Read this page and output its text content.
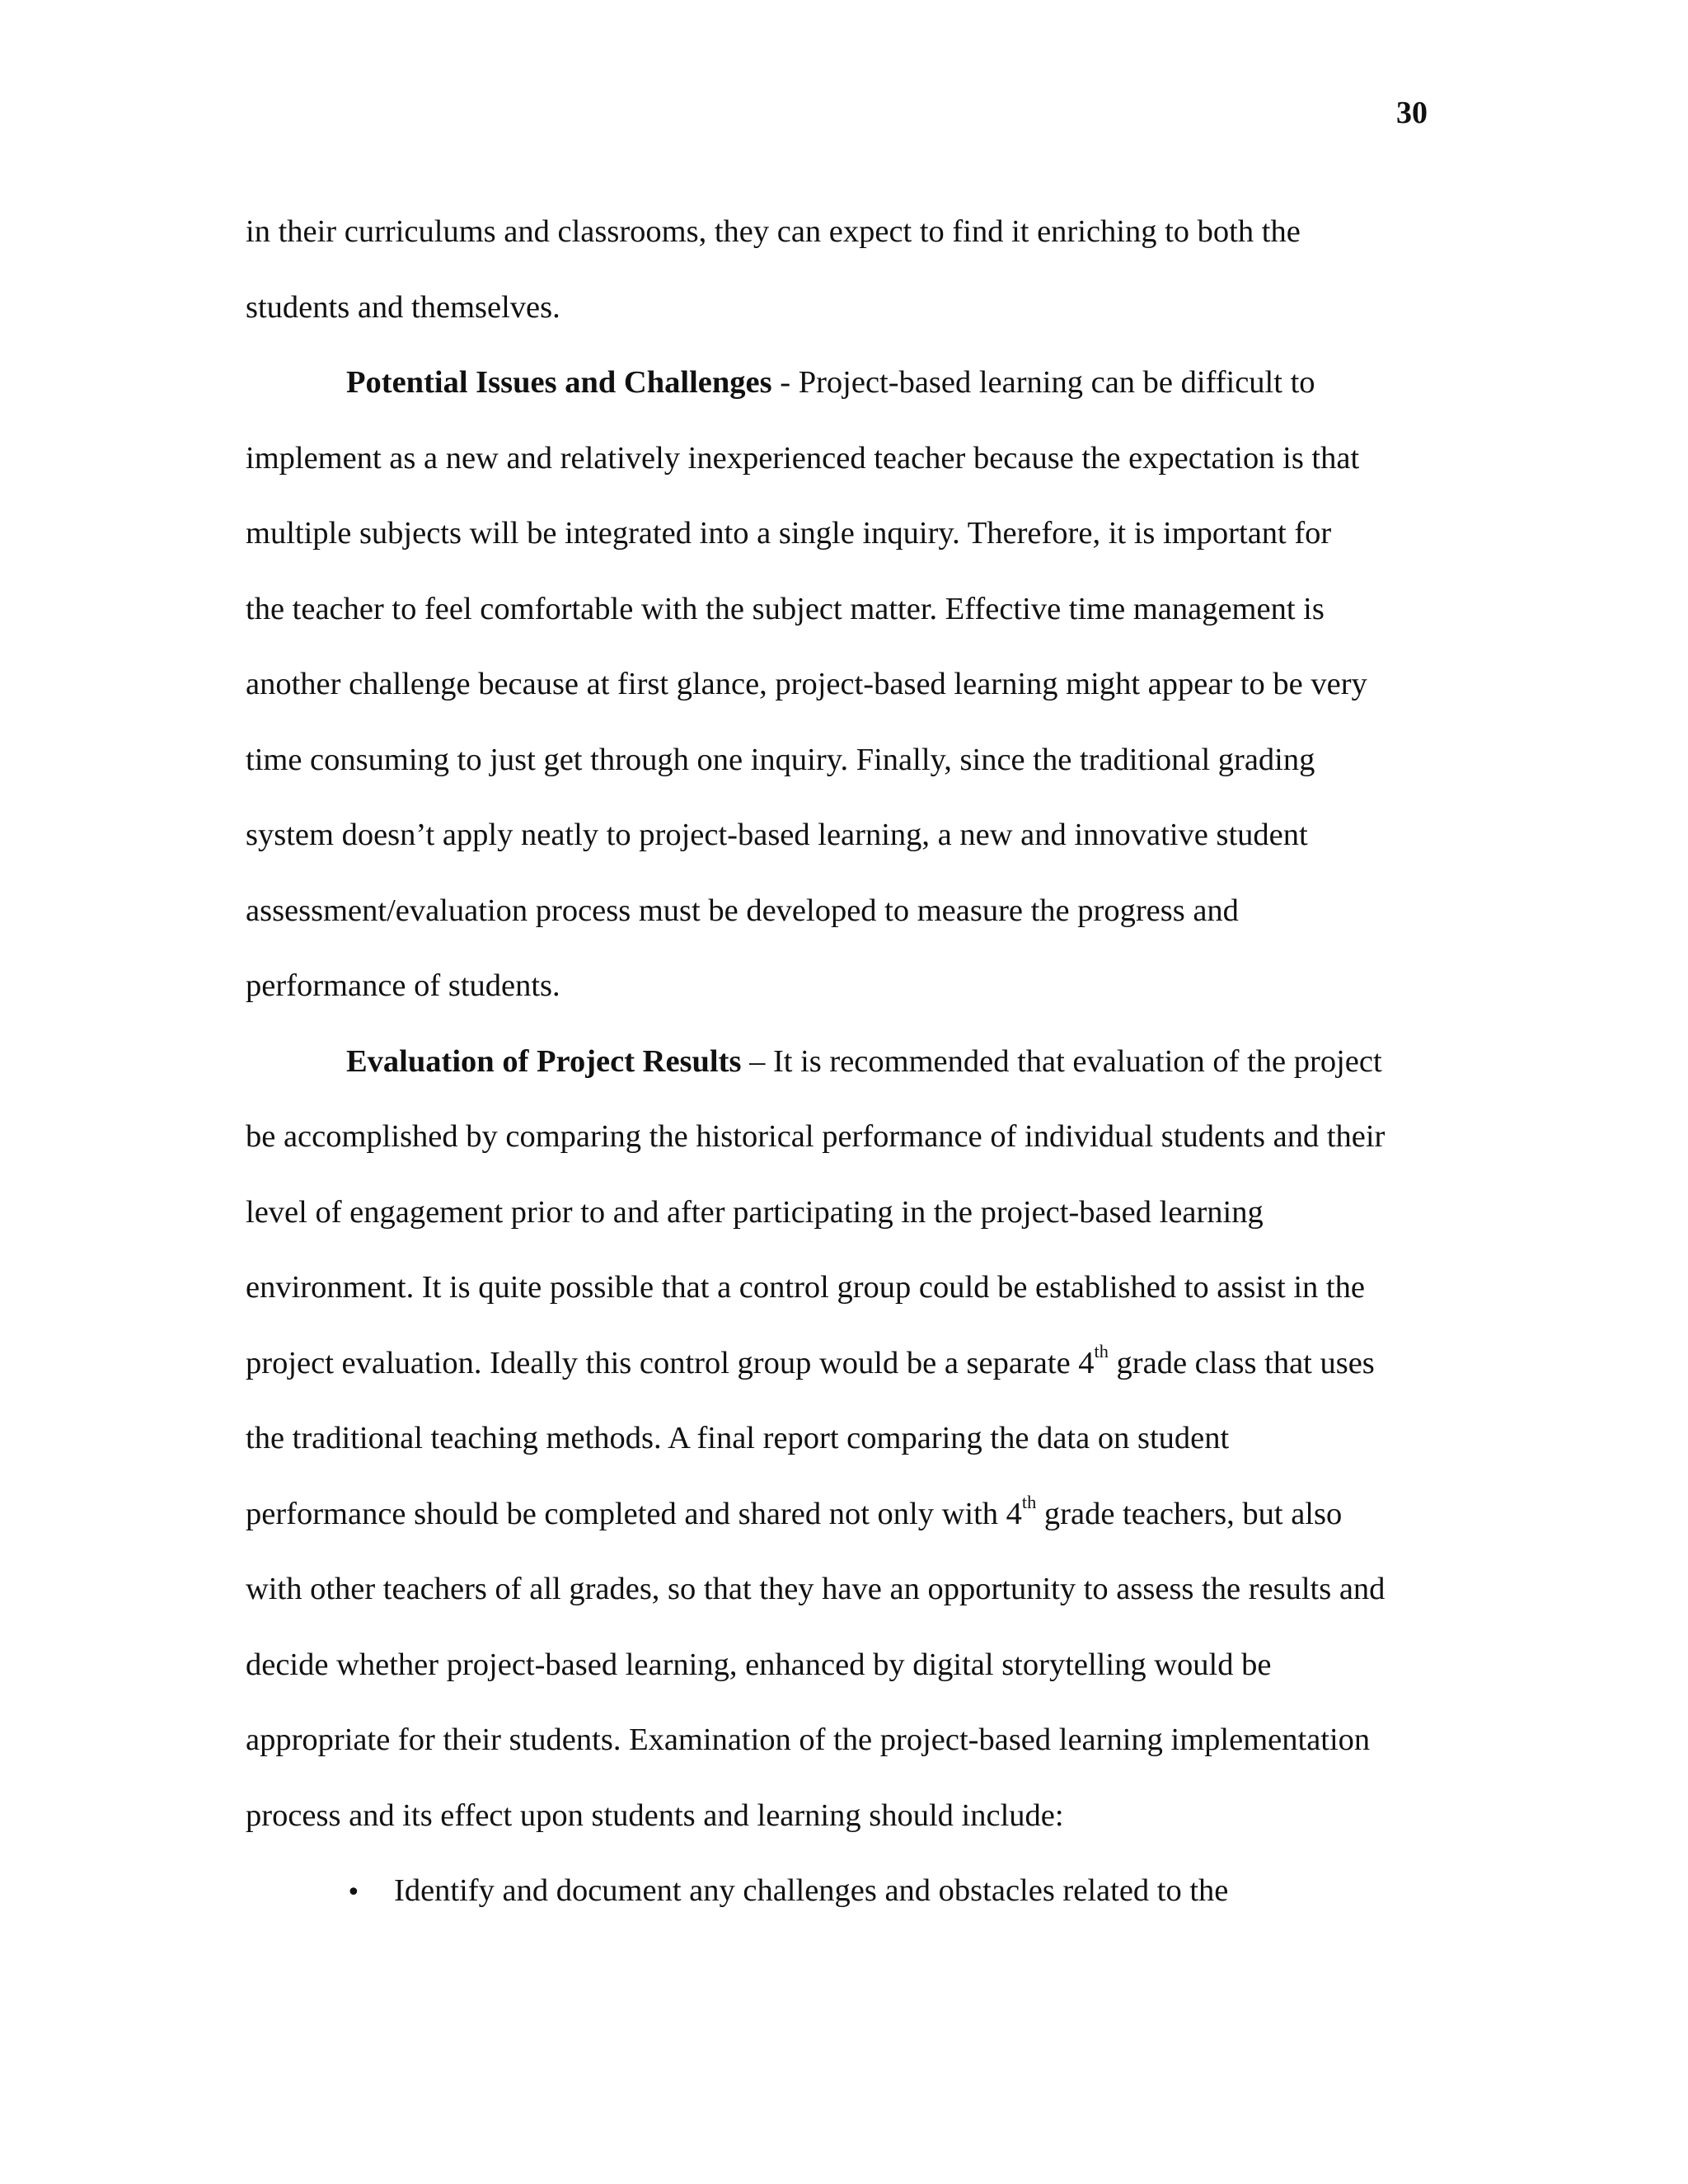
30

in their curriculums and classrooms, they can expect to find it enriching to both the
students and themselves.

Potential Issues and Challenges - Project-based learning can be difficult to
implement as a new and relatively inexperienced teacher because the expectation is that
multiple subjects will be integrated into a single inquiry. Therefore, it is important for
the teacher to feel comfortable with the subject matter. Effective time management is
another challenge because at first glance, project-based learning might appear to be very
time consuming to just get through one inquiry. Finally, since the traditional grading
system doesn’t apply neatly to project-based learning, a new and innovative student
assessment/evaluation process must be developed to measure the progress and
performance of students.

Evaluation of Project Results – It is recommended that evaluation of the project
be accomplished by comparing the historical performance of individual students and their
level of engagement prior to and after participating in the project-based learning
environment. It is quite possible that a control group could be established to assist in the
project evaluation. Ideally this control group would be a separate 4th grade class that uses
the traditional teaching methods. A final report comparing the data on student
performance should be completed and shared not only with 4th grade teachers, but also
with other teachers of all grades, so that they have an opportunity to assess the results and
decide whether project-based learning, enhanced by digital storytelling would be
appropriate for their students. Examination of the project-based learning implementation
process and its effect upon students and learning should include:

•	Identify and document any challenges and obstacles related to the
